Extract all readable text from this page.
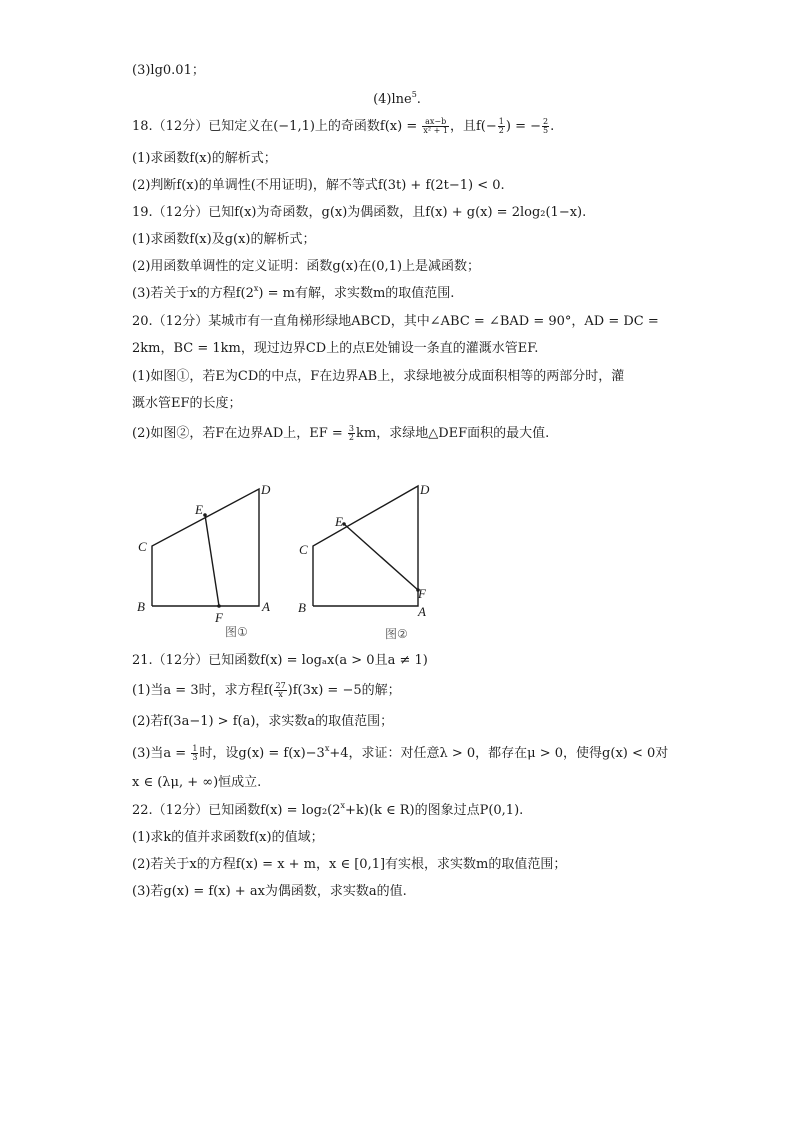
(3)lg0.01；
(4)lne$^5$.
18.（12分）已知定义在(−1,1)上的奇函数$f(x) = \frac{ax-b}{\text{x² + 1}}$ ，且$f(- \frac{1}{2}$ ) = − $\frac{2}{5}$ .
(1)求函数f(x)的解析式；
(2)判断f(x)的单调性(不用证明)，解不等式f(3t) + f(2t−1) < 0.
19.（12分）已知f(x)为奇函数，g(x)为偶函数，且f(x) + g(x) = 2log₂(1−x).
(1)求函数f(x)及g(x)的解析式；
(2)用函数单调性的定义证明：函数g(x)在(0,1)上是减函数；
(3)若关于x的方程$f(2^x) = m$有解，求实数m的取值范围.
20.（12分）某城市有一直角梯形绿地ABCD，其中∠ABC = ∠BAD = 90°，AD = DC =
2km，BC = 1km，现过边界CD上的点E处铺设一条直的灌溉水管EF.
(1)如图①，若E为CD的中点，F在边界AB上，求绿地被分成面积相等的两部分时，灌
溉水管EF的长度；
(2)如图②，若F在边界AD上，EF = $\frac{3}{2}$ km，求绿地△DEF面积的最大值.
D
E
C
B	A
F
图①
D
E
C
B
F
A
图②
21.（12分）已知函数f(x) = logₐx(a > 0且a ≠ 1)
(1)当a = 3时，求方程$f( \frac{27}{x} )f(3x) = -5$的解；
(2)若f(3a−1) > f(a)，求实数a的取值范围；
(3)当$a = \frac{1}{3}$ 时，设$g(x) = f(x)-3^x+4$，求证：对任意λ > 0，都存在μ > 0，使得g(x) < 0对
x ∈ (λμ, + ∞)恒成立.
22.（12分）已知函数$f(x) = \log_2(2^x+k)(k$ ∈ R)的图象过点P(0,1).
(1)求k的值并求函数f(x)的值域；
(2)若关于x的方程f(x) = x + m，x ∈ [0,1]有实根，求实数m的取值范围；
(3)若g(x) = f(x) + ax为偶函数，求实数a的值.
